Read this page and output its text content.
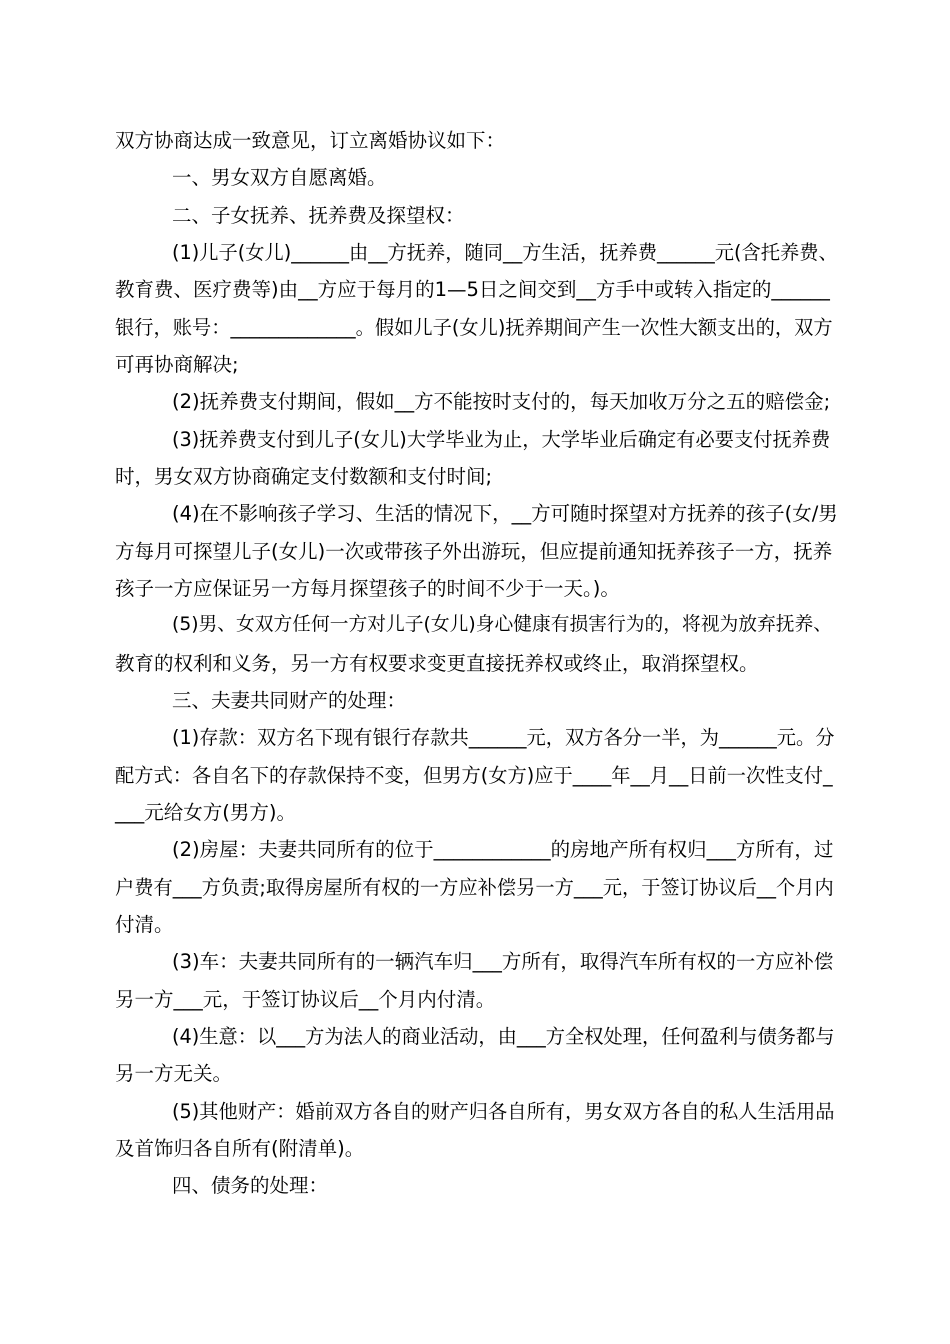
双方协商达成一致意见，订立离婚协议如下：

一、男女双方自愿离婚。

二、子女抚养、抚养费及探望权：

(1)儿子(女儿)______由__方抚养，随同__方生活，抚养费______元(含托养费、

教育费、医疗费等)由__方应于每月的1—5日之间交到__方手中或转入指定的______

银行，账号：_____________。假如儿子(女儿)抚养期间产生一次性大额支出的，双方

可再协商解决;

(2)抚养费支付期间，假如__方不能按时支付的，每天加收万分之五的赔偿金;

(3)抚养费支付到儿子(女儿)大学毕业为止，大学毕业后确定有必要支付抚养费

时，男女双方协商确定支付数额和支付时间;

(4)在不影响孩子学习、生活的情况下，__方可随时探望对方抚养的孩子(女/男

方每月可探望儿子(女儿)一次或带孩子外出游玩，但应提前通知抚养孩子一方，抚养

孩子一方应保证另一方每月探望孩子的时间不少于一天。)。

(5)男、女双方任何一方对儿子(女儿)身心健康有损害行为的，将视为放弃抚养、

教育的权利和义务，另一方有权要求变更直接抚养权或终止，取消探望权。

三、夫妻共同财产的处理：

(1)存款：双方名下现有银行存款共______元，双方各分一半，为______元。分

配方式：各自名下的存款保持不变，但男方(女方)应于____年__月__日前一次性支付_

___元给女方(男方)。

(2)房屋：夫妻共同所有的位于____________的房地产所有权归___方所有，过

户费有___方负责;取得房屋所有权的一方应补偿另一方___元，于签订协议后__个月内

付清。

(3)车：夫妻共同所有的一辆汽车归___方所有，取得汽车所有权的一方应补偿

另一方___元，于签订协议后__个月内付清。

(4)生意：以___方为法人的商业活动，由___方全权处理，任何盈利与债务都与

另一方无关。

(5)其他财产：婚前双方各自的财产归各自所有，男女双方各自的私人生活用品

及首饰归各自所有(附清单)。

四、债务的处理：
